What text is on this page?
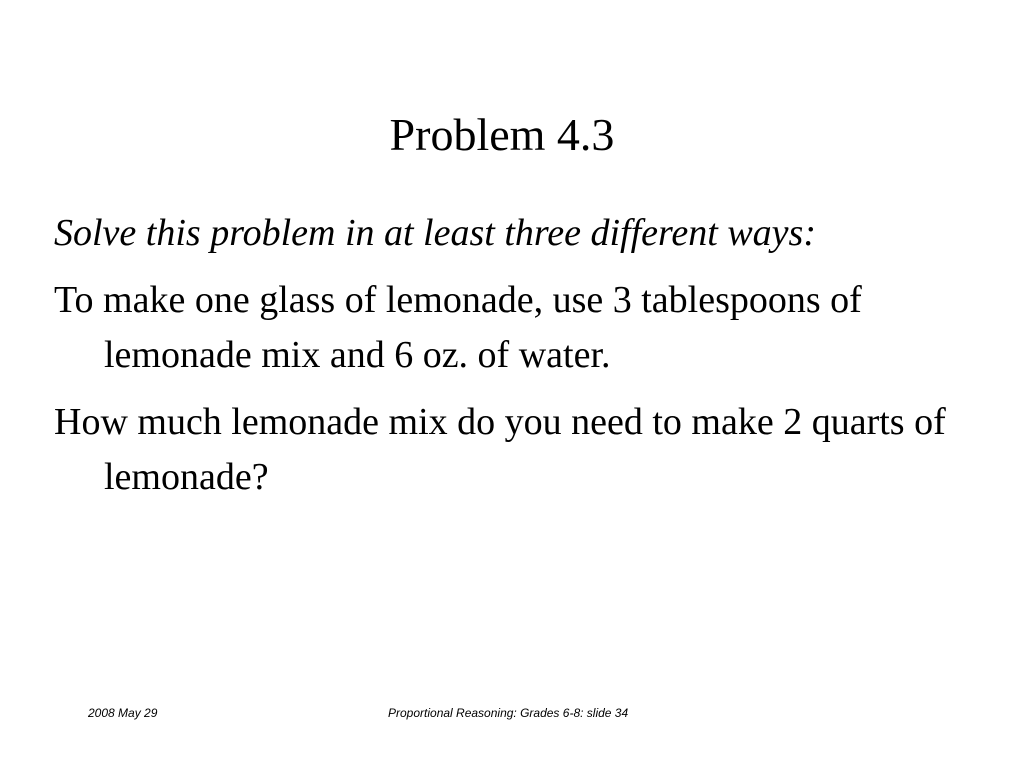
Problem 4.3

Solve this problem in at least three different ways:

To make one glass of lemonade, use 3 tablespoons of lemonade mix and 6 oz. of water.

How much lemonade mix do you need to make 2 quarts of lemonade?

2008 May 29	Proportional Reasoning: Grades 6-8: slide 34
